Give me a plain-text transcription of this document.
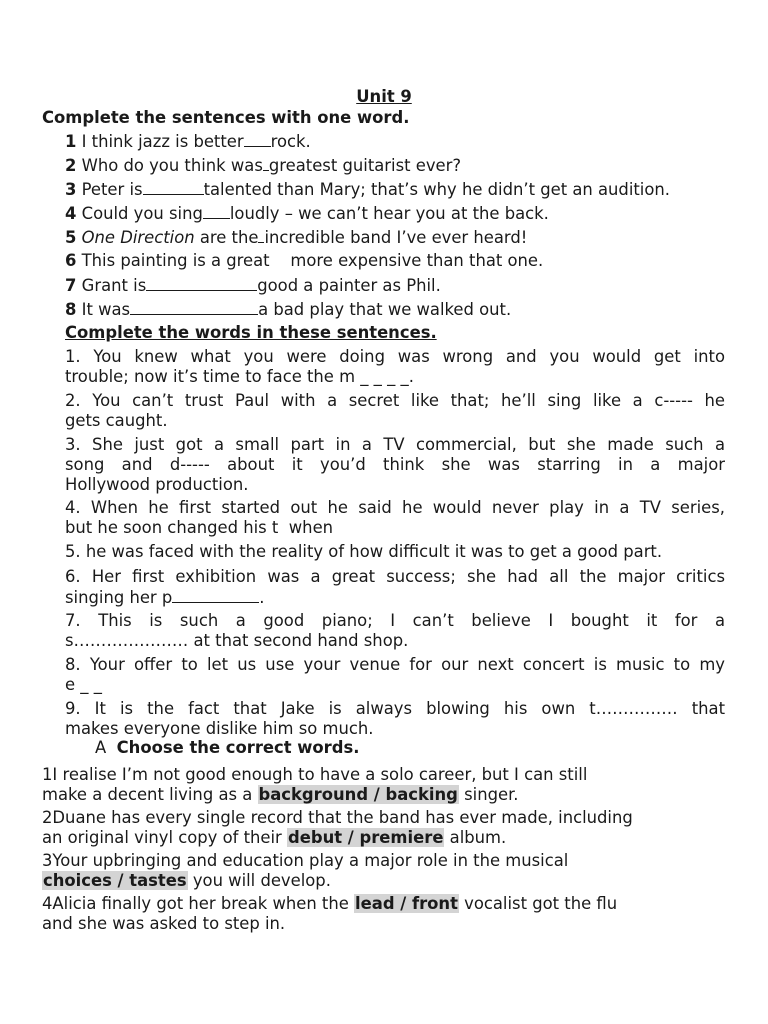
Unit 9
Complete the sentences with one word.
1 I think jazz is better rock.
2 Who do you think was greatest guitarist ever?
3 Peter is	talented than Mary; that’s why he didn’t get an audition.
4 Could you sing loudly – we can’t hear you at the back.
5 One Direction are the incredible band I’ve ever heard!
6 This painting is a great    more expensive than that one.
7 Grant is	good a painter as Phil.
8 It was	a bad play that we walked out.
Complete the words in these sentences.
1. You knew what you were doing was wrong and you would get into
trouble; now it’s time to face the m _ _ _ _.
2. You can’t trust Paul with a secret like that; he’ll sing like a c----- he
gets caught.
3. She just got a small part in a TV commercial, but she made such a
song and d----- about it you’d think she was starring in a major
Hollywood production.
4. When he first started out he said he would never play in a TV series,
but he soon changed his t  when
5. he was faced with the reality of how difficult it was to get a good part.
6. Her first exhibition was a great success; she had all the major critics
singing her p	.
7. This is such a good piano; I can’t believe I bought it for a
s………………… at that second hand shop.
8. Your offer to let us use your venue for our next concert is music to my
e _ _
9. It is the fact that Jake is always blowing his own t…………… that
makes everyone dislike him so much.
A Choose the correct words.
1I realise I’m not good enough to have a solo career, but I can still
make a decent living as a background / backing singer.
2Duane has every single record that the band has ever made, including
an original vinyl copy of their debut / premiere album.
3Your upbringing and education play a major role in the musical
choices / tastes you will develop.
4Alicia finally got her break when the lead / front vocalist got the flu
and she was asked to step in.
